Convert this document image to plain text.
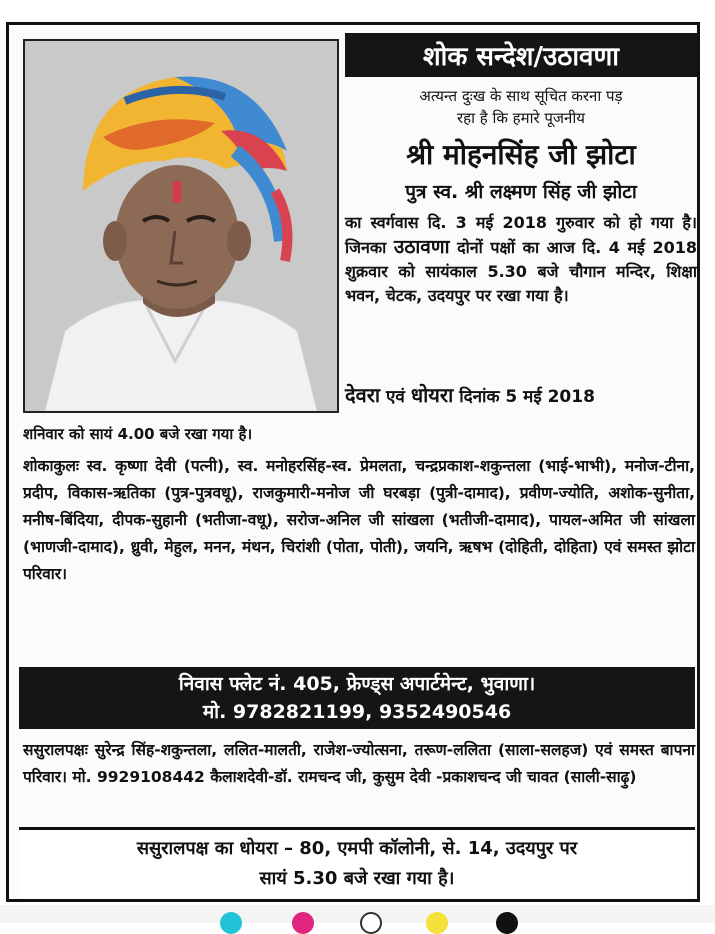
शोक सन्देश/उठावणा
अत्यन्त दुःख के साथ सूचित करना पड़
रहा है कि हमारे पूजनीय
श्री मोहनसिंह जी झोटा
पुत्र स्व. श्री लक्ष्मण सिंह जी झोटा
का स्वर्गवास दि. 3 मई 2018 गुरुवार को हो गया है। जिनका उठावणा दोनों पक्षों का आज दि. 4 मई 2018 शुक्रवार को सायंकाल 5.30 बजे चौगान मन्दिर, शिक्षा भवन, चेटक, उदयपुर पर रखा गया है।
देवरा एवं धोयरा दिनांक 5 मई 2018
शनिवार को सायं 4.00 बजे रखा गया है।
शोकाकुलः स्व. कृष्णा देवी (पत्नी), स्व. मनोहरसिंह-स्व. प्रेमलता, चन्द्रप्रकाश-शकुन्तला (भाई-भाभी), मनोज-टीना, प्रदीप, विकास-ऋतिका (पुत्र-पुत्रवधू), राजकुमारी-मनोज जी घरबड़ा (पुत्री-दामाद), प्रवीण-ज्योति, अशोक-सुनीता, मनीष-बिंदिया, दीपक-सुहानी (भतीजा-वधू), सरोज-अनिल जी सांखला (भतीजी-दामाद), पायल-अमित जी सांखला (भाणजी-दामाद), ध्रुवी, मेहुल, मनन, मंथन, चिरांशी (पोता, पोती), जयनि, ऋषभ (दोहिती, दोहिता) एवं समस्त झोटा परिवार।
निवास फ्लेट नं. 405, फ्रेण्ड्स अपार्टमेन्ट, भुवाणा।
मो. 9782821199, 9352490546
ससुरालपक्षः सुरेन्द्र सिंह-शकुन्तला, ललित-मालती, राजेश-ज्योत्सना, तरूण-ललिता (साला-सलहज) एवं समस्त बापना परिवार। मो. 9929108442 कैलाशदेवी-डॉ. रामचन्द जी, कुसुम देवी -प्रकाशचन्द जी चावत (साली-साढ़ु)
ससुरालपक्ष का धोयरा – 80, एमपी कॉलोनी, से. 14, उदयपुर पर
सायं 5.30 बजे रखा गया है।
